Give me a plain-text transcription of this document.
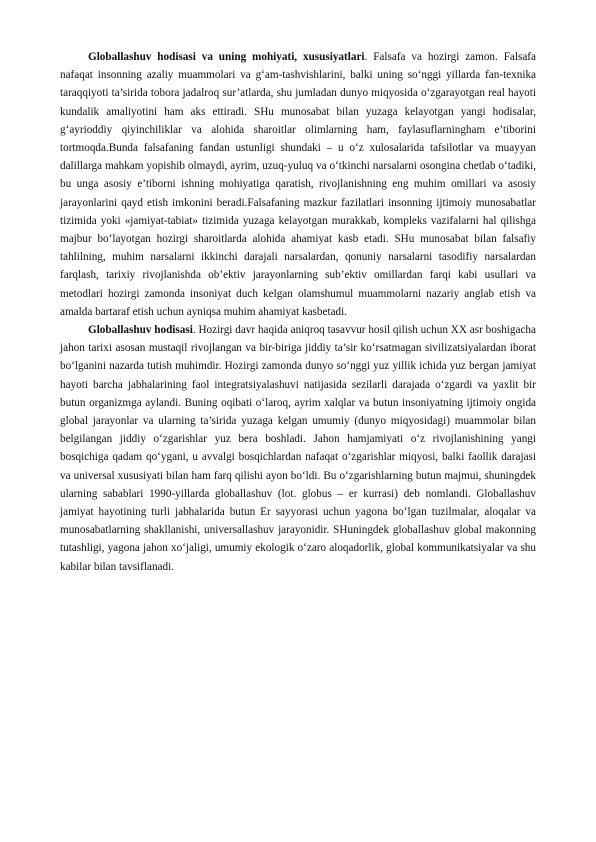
Globallashuv hodisasi va uning mohiyati, xususiyatlari. Falsafa va hozirgi zamon. Falsafa nafaqat insonning azaliy muammolari va g‘am-tashvishlarini, balki uning so‘nggi yillarda fan-texnika taraqqiyoti ta’sirida tobora jadalroq sur’atlarda, shu jumladan dunyo miqyosida o‘zgarayotgan real hayoti kundalik amaliyotini ham aks ettiradi. SHu munosabat bilan yuzaga kelayotgan yangi hodisalar, g‘ayrioddiy qiyinchiliklar va alohida sharoitlar olimlarning ham, faylasuflarningham e’tiborini tortmoqda.Bunda falsafaning fandan ustunligi shundaki – u o‘z xulosalarida tafsilotlar va muayyan dalillarga mahkam yopishib olmaydi, ayrim, uzuq-yuluq va o‘tkinchi narsalarni osongina chetlab o‘tadiki, bu unga asosiy e’tiborni ishning mohiyatiga qaratish, rivojlanishning eng muhim omillari va asosiy jarayonlarini qayd etish imkonini beradi.Falsafaning mazkur fazilatlari insonning ijtimoiy munosabatlar tizimida yoki «jamiyat-tabiat» tizimida yuzaga kelayotgan murakkab, kompleks vazifalarni hal qilishga majbur bo‘layotgan hozirgi sharoitlarda alohida ahamiyat kasb etadi. SHu munosabat bilan falsafiy tahlilning, muhim narsalarni ikkinchi darajali narsalardan, qonuniy narsalarni tasodifiy narsalardan farqlash, tarixiy rivojlanishda ob’ektiv jarayonlarning sub’ektiv omillardan farqi kabi usullari va metodlari hozirgi zamonda insoniyat duch kelgan olamshumul muammolarni nazariy anglab etish va amalda bartaraf etish uchun ayniqsa muhim ahamiyat kasbetadi.

Globallashuv hodisasi. Hozirgi davr haqida aniqroq tasavvur hosil qilish uchun XX asr boshigacha jahon tarixi asosan mustaqil rivojlangan va bir-biriga jiddiy ta’sir ko‘rsatmagan sivilizatsiyalardan iborat bo‘lganini nazarda tutish muhimdir. Hozirgi zamonda dunyo so‘nggi yuz yillik ichida yuz bergan jamiyat hayoti barcha jabhalarining faol integratsiyalashuvi natijasida sezilarli darajada o‘zgardi va yaxlit bir butun organizmga aylandi. Buning oqibati o‘laroq, ayrim xalqlar va butun insoniyatning ijtimoiy ongida global jarayonlar va ularning ta’sirida yuzaga kelgan umumiy (dunyo miqyosidagi) muammolar bilan belgilangan jiddiy o‘zgarishlar yuz bera boshladi. Jahon hamjamiyati o‘z rivojlanishining yangi bosqichiga qadam qo‘ygani, u avvalgi bosqichlardan nafaqat o‘zgarishlar miqyosi, balki faollik darajasi va universal xususiyati bilan ham farq qilishi ayon bo‘ldi. Bu o‘zgarishlarning butun majmui, shuningdek ularning sabablari 1990-yillarda globallashuv (lot. globus – er kurrasi) deb nomlandi. Globallashuv jamiyat hayotining turli jabhalarida butun Er sayyorasi uchun yagona bo‘lgan tuzilmalar, aloqalar va munosabatlarning shakllanishi, universallashuv jarayonidir. SHuningdek globallashuv global makonning tutashligi, yagona jahon xo‘jaligi, umumiy ekologik o‘zaro aloqadorlik, global kommunikatsiyalar va shu kabilar bilan tavsiflanadi.
